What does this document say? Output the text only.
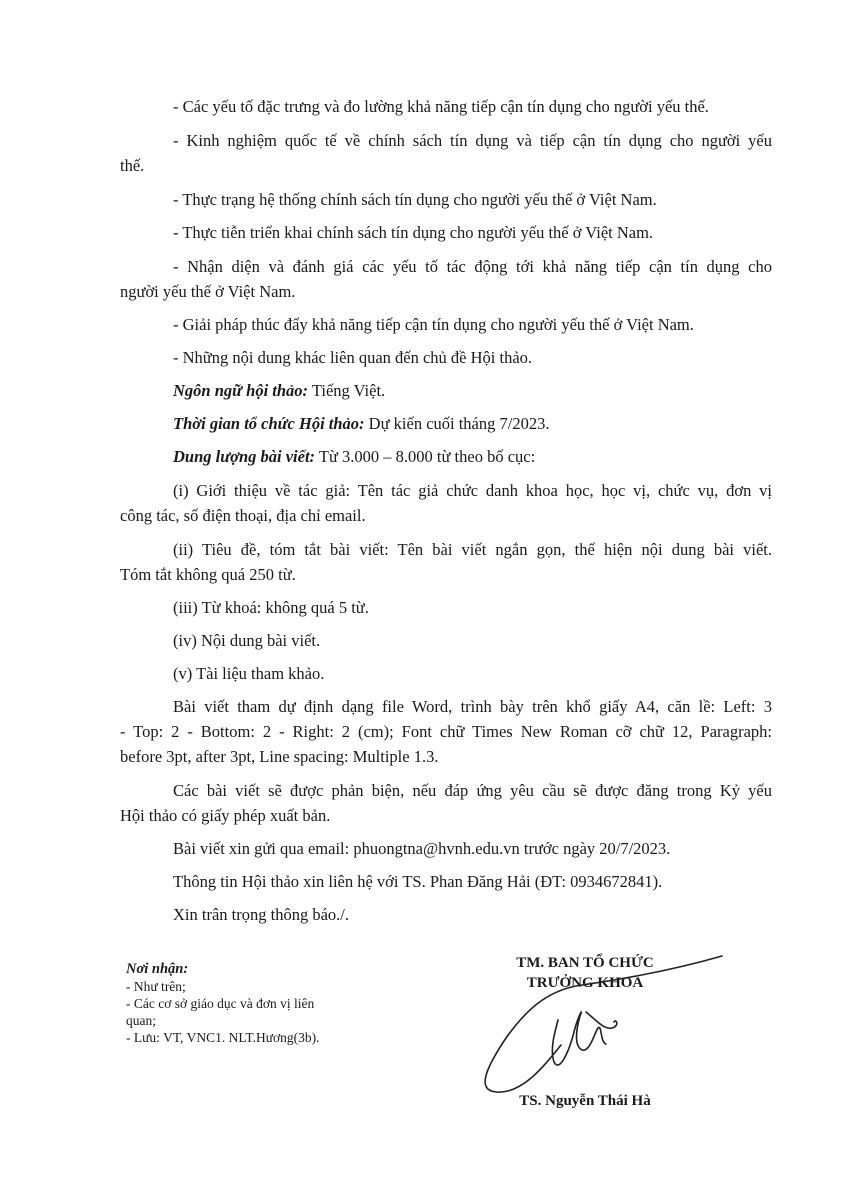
- Các yếu tố đặc trưng và đo lường khả năng tiếp cận tín dụng cho người yếu thế.

- Kinh nghiệm quốc tế về chính sách tín dụng và tiếp cận tín dụng cho người yếu

thế.

- Thực trạng hệ thống chính sách tín dụng cho người yếu thế ở Việt Nam.

- Thực tiễn triển khai chính sách tín dụng cho người yếu thế ở Việt Nam.

- Nhận diện và đánh giá các yếu tố tác động tới khả năng tiếp cận tín dụng cho

người yếu thế ở Việt Nam.

- Giải pháp thúc đẩy khả năng tiếp cận tín dụng cho người yếu thế ở Việt Nam.

- Những nội dung khác liên quan đến chủ đề Hội thảo.

Ngôn ngữ hội thảo: Tiếng Việt.

Thời gian tổ chức Hội thảo: Dự kiến cuối tháng 7/2023.

Dung lượng bài viết: Từ 3.000 – 8.000 từ theo bố cục:

(i) Giới thiệu về tác giả: Tên tác giả chức danh khoa học, học vị, chức vụ, đơn vị

công tác, số điện thoại, địa chỉ email.

(ii) Tiêu đề, tóm tắt bài viết: Tên bài viết ngắn gọn, thể hiện nội dung bài viết.

Tóm tắt không quá 250 từ.

(iii) Từ khoá: không quá 5 từ.

(iv) Nội dung bài viết.

(v) Tài liệu tham khảo.

Bài viết tham dự định dạng file Word, trình bày trên khổ giấy A4, căn lề: Left: 3

- Top: 2 - Bottom: 2 - Right: 2 (cm); Font chữ Times New Roman cỡ chữ 12, Paragraph:

before 3pt, after 3pt, Line spacing: Multiple 1.3.

Các bài viết sẽ được phản biện, nếu đáp ứng yêu cầu sẽ được đăng trong Kỷ yếu

Hội thảo có giấy phép xuất bản.

Bài viết xin gửi qua email: phuongtna@hvnh.edu.vn trước ngày 20/7/2023.

Thông tin Hội thảo xin liên hệ với TS. Phan Đăng Hải (ĐT: 0934672841).

Xin trân trọng thông báo./.

Nơi nhận:
- Như trên;
- Các cơ sở giáo dục và đơn vị liên
quan;
- Lưu: VT, VNC1. NLT.Hương(3b).
TM. BAN TỔ CHỨC
TRƯỞNG KHOA
TS. Nguyễn Thái Hà
